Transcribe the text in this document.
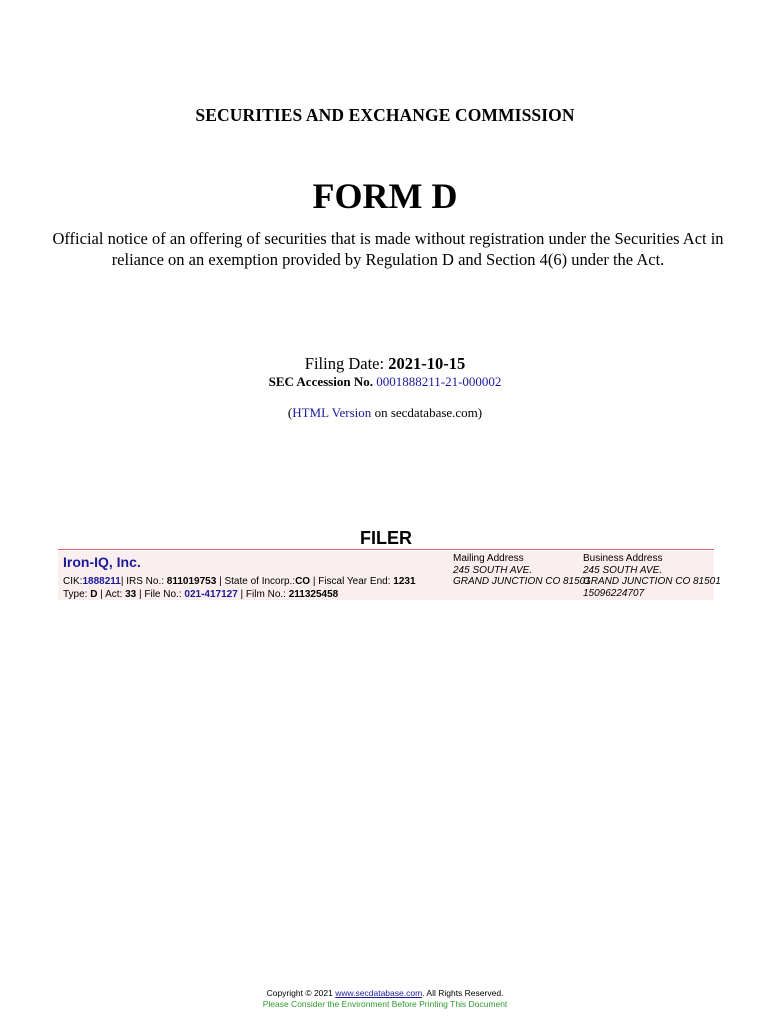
SECURITIES AND EXCHANGE COMMISSION
FORM D
Official notice of an offering of securities that is made without registration under the Securities Act in reliance on an exemption provided by Regulation D and Section 4(6) under the Act.
Filing Date: 2021-10-15
SEC Accession No. 0001888211-21-000002
(HTML Version on secdatabase.com)
FILER
Iron-IQ, Inc.
CIK:1888211| IRS No.: 811019753 | State of Incorp.:CO | Fiscal Year End: 1231
Type: D | Act: 33 | File No.: 021-417127 | Film No.: 211325458
Mailing Address
245 SOUTH AVE.
GRAND JUNCTION CO 81501
Business Address
245 SOUTH AVE.
GRAND JUNCTION CO 81501
15096224707
Copyright © 2021 www.secdatabase.com. All Rights Reserved.
Please Consider the Environment Before Printing This Document
